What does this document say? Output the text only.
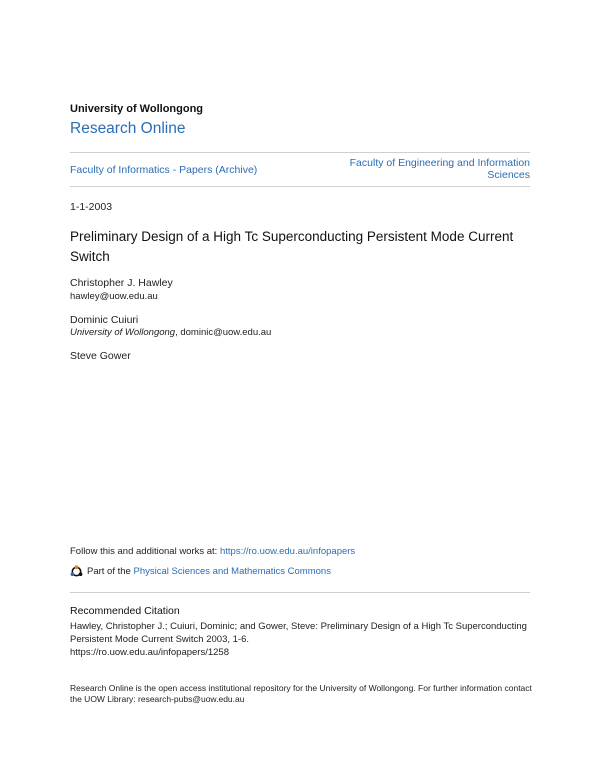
University of Wollongong
Research Online
Faculty of Informatics - Papers (Archive)
Faculty of Engineering and Information Sciences
1-1-2003
Preliminary Design of a High Tc Superconducting Persistent Mode Current Switch
Christopher J. Hawley
hawley@uow.edu.au
Dominic Cuiuri
University of Wollongong, dominic@uow.edu.au
Steve Gower
Follow this and additional works at: https://ro.uow.edu.au/infopapers
Part of the
Physical Sciences and Mathematics Commons
Recommended Citation
Hawley, Christopher J.; Cuiuri, Dominic; and Gower, Steve: Preliminary Design of a High Tc Superconducting Persistent Mode Current Switch 2003, 1-6.
https://ro.uow.edu.au/infopapers/1258
Research Online is the open access institutional repository for the University of Wollongong. For further information contact the UOW Library: research-pubs@uow.edu.au
